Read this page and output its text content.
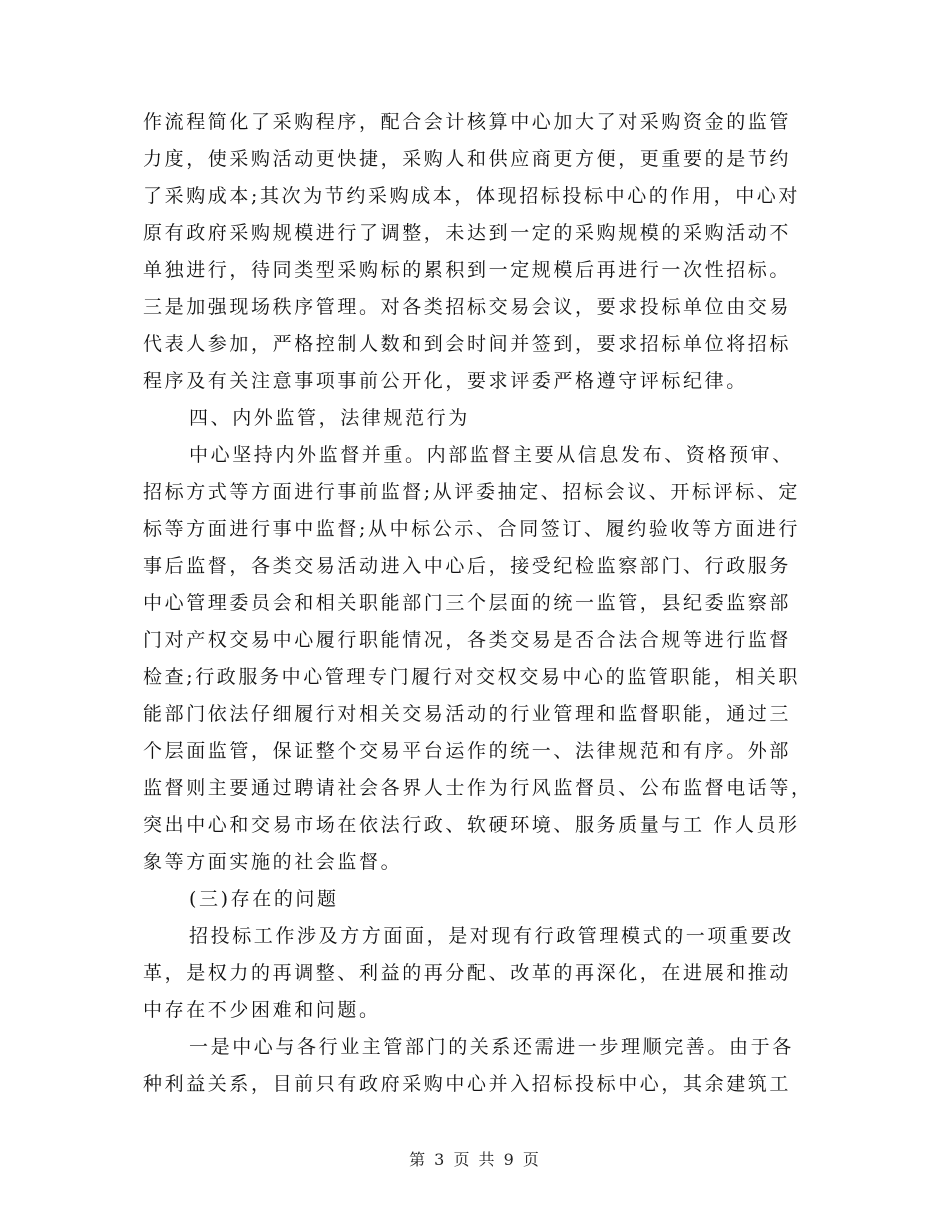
作流程简化了采购程序，配合会计核算中心加大了对采购资金的监管
力度，使采购活动更快捷，采购人和供应商更方便，更重要的是节约
了采购成本;其次为节约采购成本，体现招标投标中心的作用，中心对
原有政府采购规模进行了调整，未达到一定的采购规模的采购活动不
单独进行，待同类型采购标的累积到一定规模后再进行一次性招标。
三是加强现场秩序管理。对各类招标交易会议，要求投标单位由交易
代表人参加，严格控制人数和到会时间并签到，要求招标单位将招标
程序及有关注意事项事前公开化，要求评委严格遵守评标纪律。
四、内外监管，法律规范行为
中心坚持内外监督并重。内部监督主要从信息发布、资格预审、
招标方式等方面进行事前监督;从评委抽定、招标会议、开标评标、定
标等方面进行事中监督;从中标公示、合同签订、履约验收等方面进行
事后监督，各类交易活动进入中心后，接受纪检监察部门、行政服务
中心管理委员会和相关职能部门三个层面的统一监管，县纪委监察部
门对产权交易中心履行职能情况，各类交易是否合法合规等进行监督
检查;行政服务中心管理专门履行对交权交易中心的监管职能，相关职
能部门依法仔细履行对相关交易活动的行业管理和监督职能，通过三
个层面监管，保证整个交易平台运作的统一、法律规范和有序。外部
监督则主要通过聘请社会各界人士作为行风监督员、公布监督电话等，
突出中心和交易市场在依法行政、软硬环境、服务质量与工 作人员形
象等方面实施的社会监督。
(三)存在的问题
招投标工作涉及方方面面，是对现有行政管理模式的一项重要改
革，是权力的再调整、利益的再分配、改革的再深化，在进展和推动
中存在不少困难和问题。
一是中心与各行业主管部门的关系还需进一步理顺完善。由于各
种利益关系，目前只有政府采购中心并入招标投标中心，其余建筑工
第 3 页 共 9 页
